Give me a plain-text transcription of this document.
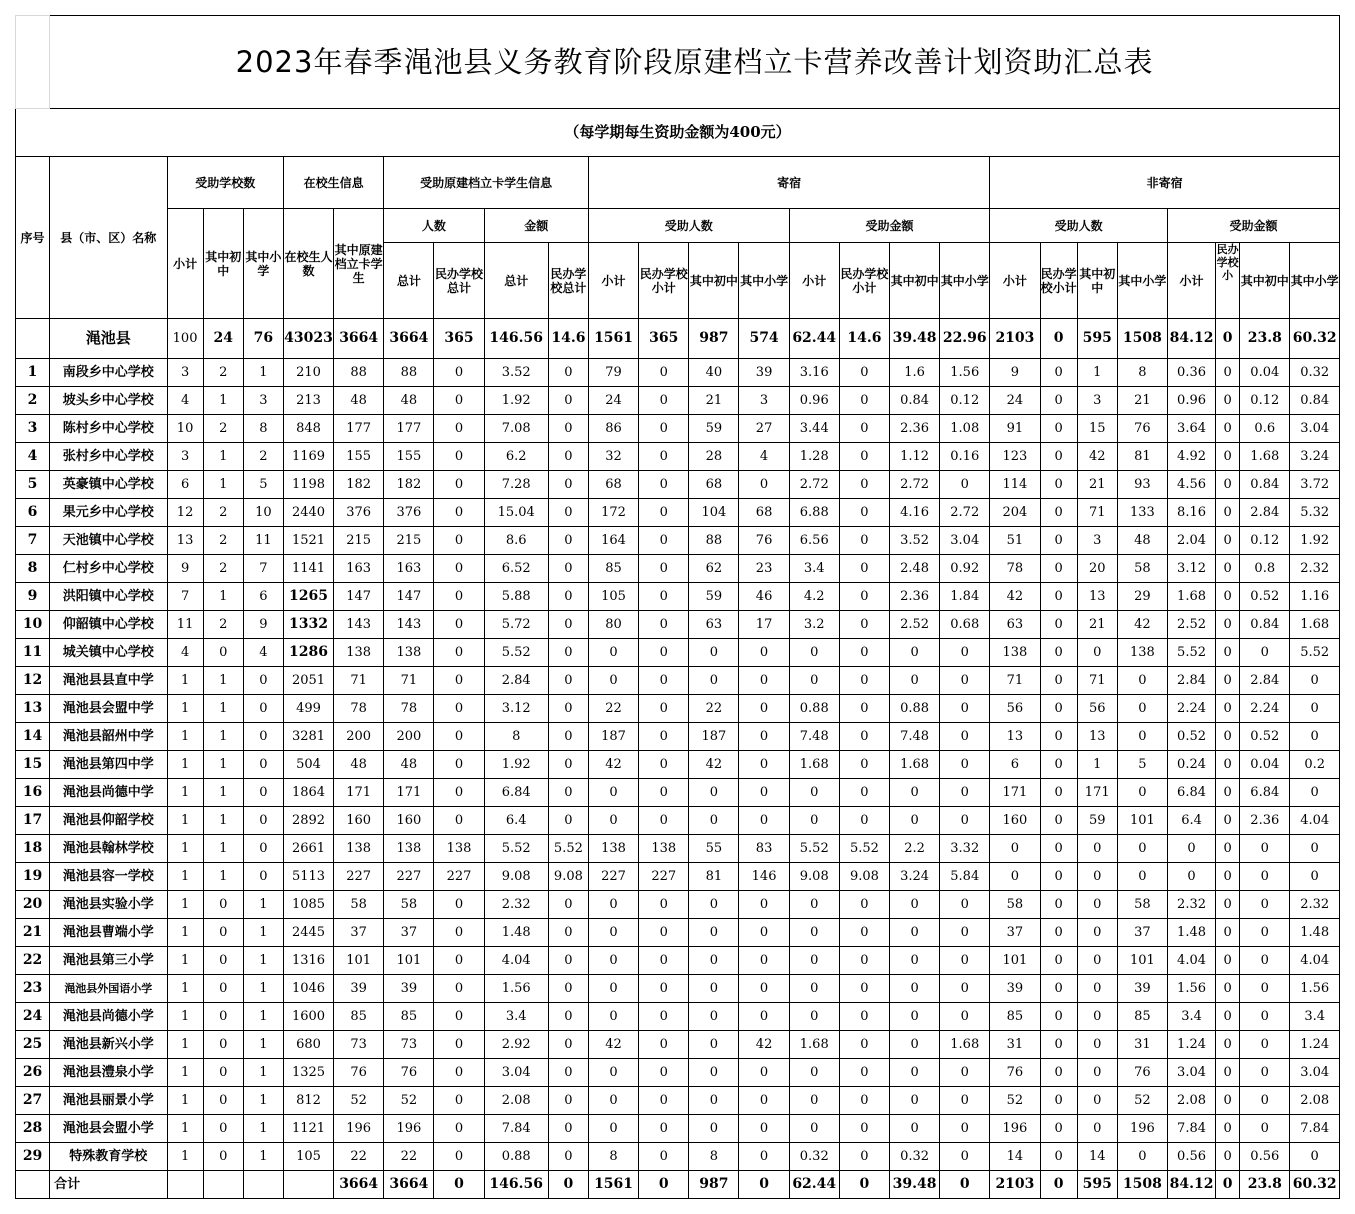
	2023年春季渑池县义务教育阶段原建档立卡营养改善计划资助汇总表																									
（每学期每生资助金额为400元）																										
序号	县（市、区）名称	受助学校数			在校生信息		受助原建档立卡学生信息				寄宿								非寄宿							
		小计	其中初中	其中小学	在校生人数	其中原建档立卡学生	人数		金额		受助人数				受助金额				受助人数				受助金额			
							总计	民办学校总计	总计	民办学校总计	小计	民办学校小计	其中初中	其中小学	小计	民办学校小计	其中初中	其中小学	小计	民办学校小计	其中初中	其中小学	小计	民办学校小	其中初中	其中小学
	渑池县	100	24	76	43023	3664	3664	365	146.56	14.6	1561	365	987	574	62.44	14.6	39.48	22.96	2103	0	595	1508	84.12	0	23.8	60.32
1	南段乡中心学校	3	2	1	210	88	88	0	3.52	0	79	0	40	39	3.16	0	1.6	1.56	9	0	1	8	0.36	0	0.04	0.32
2	坡头乡中心学校	4	1	3	213	48	48	0	1.92	0	24	0	21	3	0.96	0	0.84	0.12	24	0	3	21	0.96	0	0.12	0.84
3	陈村乡中心学校	10	2	8	848	177	177	0	7.08	0	86	0	59	27	3.44	0	2.36	1.08	91	0	15	76	3.64	0	0.6	3.04
4	张村乡中心学校	3	1	2	1169	155	155	0	6.2	0	32	0	28	4	1.28	0	1.12	0.16	123	0	42	81	4.92	0	1.68	3.24
5	英豪镇中心学校	6	1	5	1198	182	182	0	7.28	0	68	0	68	0	2.72	0	2.72	0	114	0	21	93	4.56	0	0.84	3.72
6	果元乡中心学校	12	2	10	2440	376	376	0	15.04	0	172	0	104	68	6.88	0	4.16	2.72	204	0	71	133	8.16	0	2.84	5.32
7	天池镇中心学校	13	2	11	1521	215	215	0	8.6	0	164	0	88	76	6.56	0	3.52	3.04	51	0	3	48	2.04	0	0.12	1.92
8	仁村乡中心学校	9	2	7	1141	163	163	0	6.52	0	85	0	62	23	3.4	0	2.48	0.92	78	0	20	58	3.12	0	0.8	2.32
9	洪阳镇中心学校	7	1	6	1265	147	147	0	5.88	0	105	0	59	46	4.2	0	2.36	1.84	42	0	13	29	1.68	0	0.52	1.16
10	仰韶镇中心学校	11	2	9	1332	143	143	0	5.72	0	80	0	63	17	3.2	0	2.52	0.68	63	0	21	42	2.52	0	0.84	1.68
11	城关镇中心学校	4	0	4	1286	138	138	0	5.52	0	0	0	0	0	0	0	0	0	138	0	0	138	5.52	0	0	5.52
12	渑池县县直中学	1	1	0	2051	71	71	0	2.84	0	0	0	0	0	0	0	0	0	71	0	71	0	2.84	0	2.84	0
13	渑池县会盟中学	1	1	0	499	78	78	0	3.12	0	22	0	22	0	0.88	0	0.88	0	56	0	56	0	2.24	0	2.24	0
14	渑池县韶州中学	1	1	0	3281	200	200	0	8	0	187	0	187	0	7.48	0	7.48	0	13	0	13	0	0.52	0	0.52	0
15	渑池县第四中学	1	1	0	504	48	48	0	1.92	0	42	0	42	0	1.68	0	1.68	0	6	0	1	5	0.24	0	0.04	0.2
16	渑池县尚德中学	1	1	0	1864	171	171	0	6.84	0	0	0	0	0	0	0	0	0	171	0	171	0	6.84	0	6.84	0
17	渑池县仰韶学校	1	1	0	2892	160	160	0	6.4	0	0	0	0	0	0	0	0	0	160	0	59	101	6.4	0	2.36	4.04
18	渑池县翰林学校	1	1	0	2661	138	138	138	5.52	5.52	138	138	55	83	5.52	5.52	2.2	3.32	0	0	0	0	0	0	0	0
19	渑池县容一学校	1	1	0	5113	227	227	227	9.08	9.08	227	227	81	146	9.08	9.08	3.24	5.84	0	0	0	0	0	0	0	0
20	渑池县实验小学	1	0	1	1085	58	58	0	2.32	0	0	0	0	0	0	0	0	0	58	0	0	58	2.32	0	0	2.32
21	渑池县曹端小学	1	0	1	2445	37	37	0	1.48	0	0	0	0	0	0	0	0	0	37	0	0	37	1.48	0	0	1.48
22	渑池县第三小学	1	0	1	1316	101	101	0	4.04	0	0	0	0	0	0	0	0	0	101	0	0	101	4.04	0	0	4.04
23	渑池县外国语小学	1	0	1	1046	39	39	0	1.56	0	0	0	0	0	0	0	0	0	39	0	0	39	1.56	0	0	1.56
24	渑池县尚德小学	1	0	1	1600	85	85	0	3.4	0	0	0	0	0	0	0	0	0	85	0	0	85	3.4	0	0	3.4
25	渑池县新兴小学	1	0	1	680	73	73	0	2.92	0	42	0	0	42	1.68	0	0	1.68	31	0	0	31	1.24	0	0	1.24
26	渑池县澧泉小学	1	0	1	1325	76	76	0	3.04	0	0	0	0	0	0	0	0	0	76	0	0	76	3.04	0	0	3.04
27	渑池县丽景小学	1	0	1	812	52	52	0	2.08	0	0	0	0	0	0	0	0	0	52	0	0	52	2.08	0	0	2.08
28	渑池县会盟小学	1	0	1	1121	196	196	0	7.84	0	0	0	0	0	0	0	0	0	196	0	0	196	7.84	0	0	7.84
29	特殊教育学校	1	0	1	105	22	22	0	0.88	0	8	0	8	0	0.32	0	0.32	0	14	0	14	0	0.56	0	0.56	0
	合计					3664	3664	0	146.56	0	1561	0	987	0	62.44	0	39.48	0	2103	0	595	1508	84.12	0	23.8	60.32
